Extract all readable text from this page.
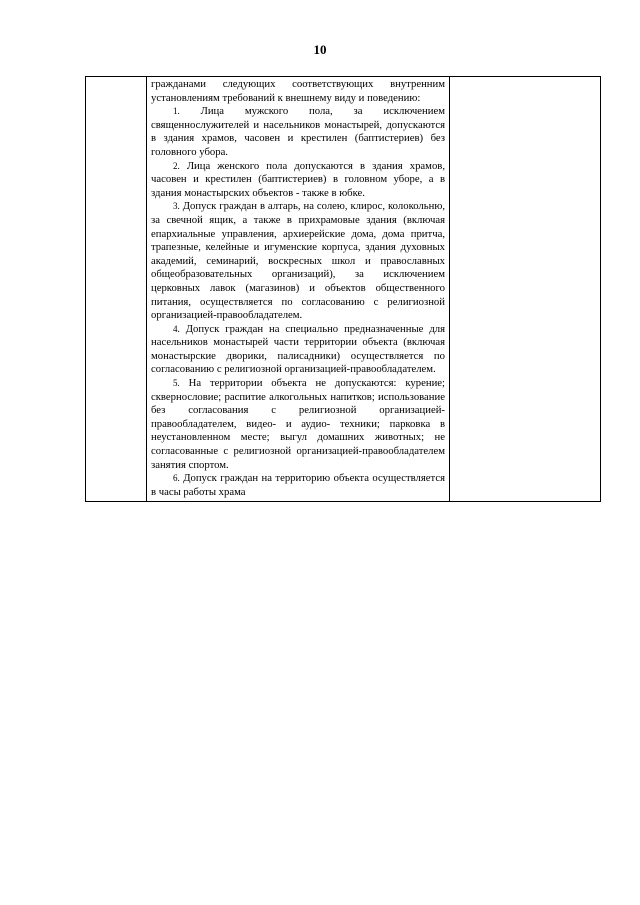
10

гражданами следующих соответствующих внутренним установлениям требований к внешнему виду и поведению:

1. Лица мужского пола, за исключением священнослужителей и насельников монастырей, допускаются в здания храмов, часовен и крестилен (баптистериев) без головного убора.

2. Лица женского пола допускаются в здания храмов, часовен и крестилен (баптистериев) в головном уборе, а в здания монастырских объектов - также в юбке.

3. Допуск граждан в алтарь, на солею, клирос, колокольню, за свечной ящик, а также в прихрамовые здания (включая епархиальные управления, архиерейские дома, дома притча, трапезные, келейные и игуменские корпуса, здания духовных академий, семинарий, воскресных школ и православных общеобразовательных организаций), за исключением церковных лавок (магазинов) и объектов общественного питания, осуществляется по согласованию с религиозной организацией-правообладателем.

4. Допуск граждан на специально предназначенные для насельников монастырей части территории объекта (включая монастырские дворики, палисадники) осуществляется по согласованию с религиозной организацией-правообладателем.

5. На территории объекта не допускаются: курение; сквернословие; распитие алкогольных напитков; использование без согласования с религиозной организацией-правообладателем, видео- и аудио- техники; парковка в неустановленном месте; выгул домашних животных; не согласованные с религиозной организацией-правообладателем занятия спортом.

6. Допуск граждан на территорию объекта осуществляется в часы работы храма
